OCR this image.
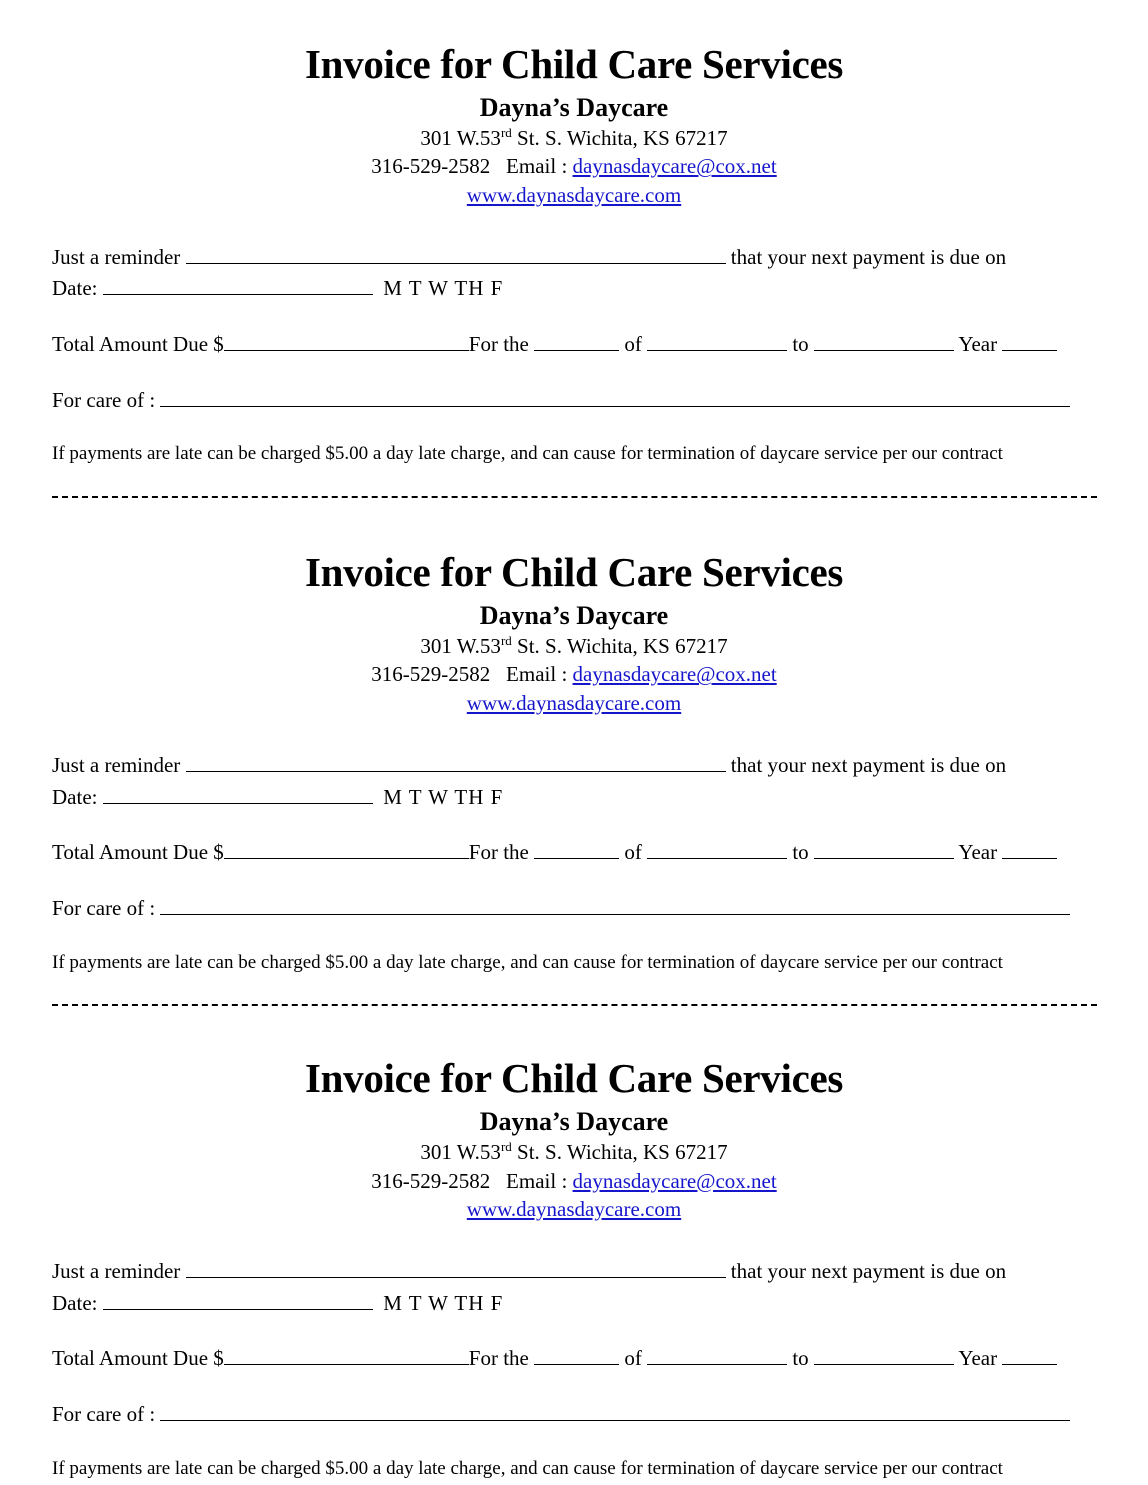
Invoice for Child Care Services
Dayna’s Daycare
301 W.53rd St. S. Wichita, KS 67217
316-529-2582 Email : daynasdaycare@cox.net
www.daynasdaycare.com
Just a reminder	that your next payment is due on
Date:	M T W TH F
Total Amount Due $	For the	of	to	Year
For care of :
If payments are late can be charged $5.00 a day late charge, and can cause for termination of daycare service per our contract
Invoice for Child Care Services
Dayna’s Daycare
301 W.53rd St. S. Wichita, KS 67217
316-529-2582 Email : daynasdaycare@cox.net
www.daynasdaycare.com
Just a reminder	that your next payment is due on
Date:	M T W TH F
Total Amount Due $	For the	of	to	Year
For care of :
If payments are late can be charged $5.00 a day late charge, and can cause for termination of daycare service per our contract
Invoice for Child Care Services
Dayna’s Daycare
301 W.53rd St. S. Wichita, KS 67217
316-529-2582 Email : daynasdaycare@cox.net
www.daynasdaycare.com
Just a reminder	that your next payment is due on
Date:	M T W TH F
Total Amount Due $	For the	of	to	Year
For care of :
If payments are late can be charged $5.00 a day late charge, and can cause for termination of daycare service per our contract
